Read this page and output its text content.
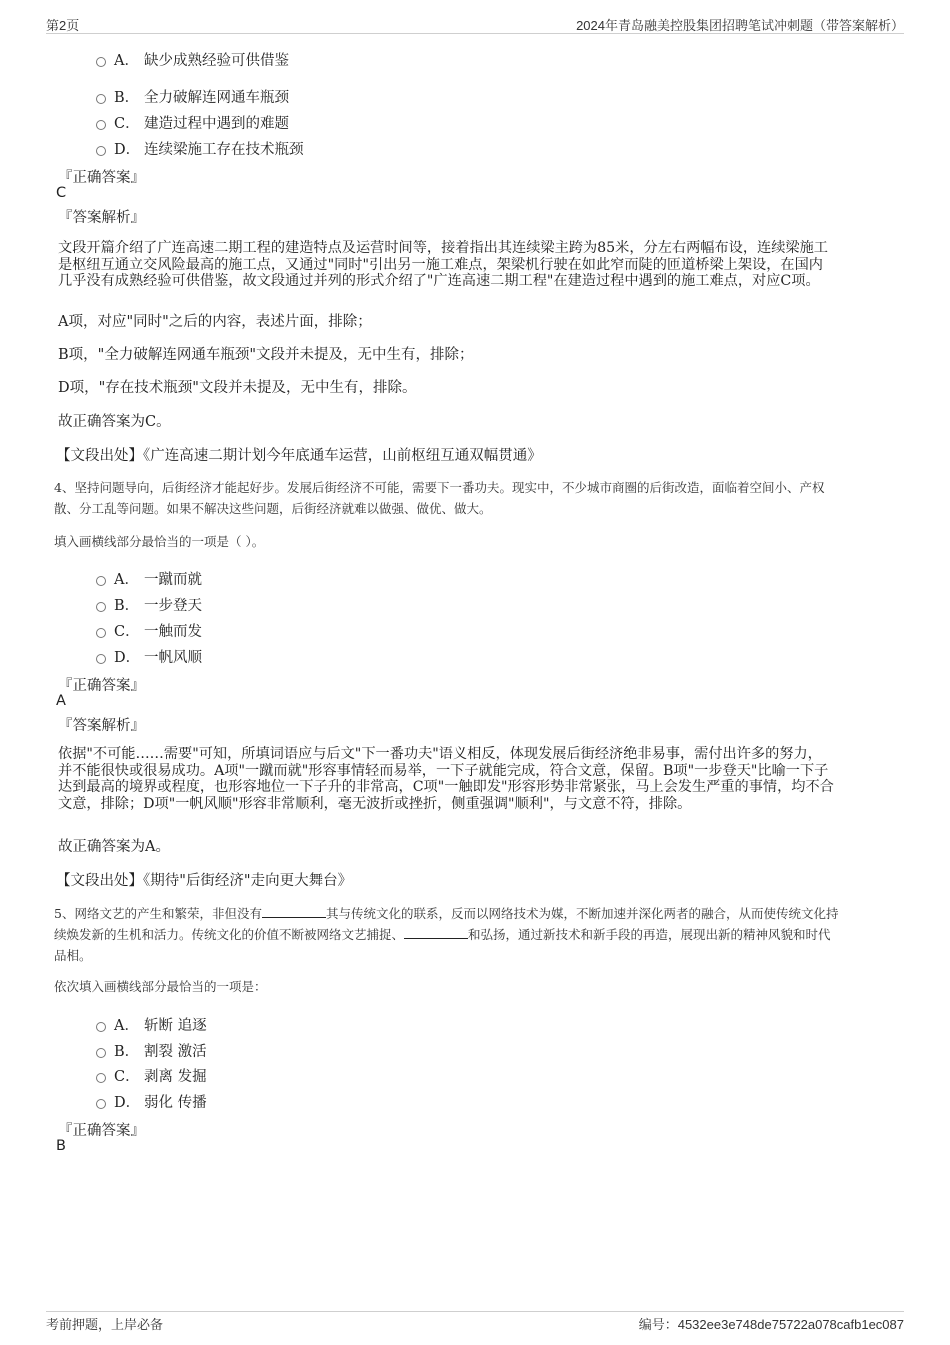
第2页	2024年青岛融美控股集团招聘笔试冲刺题（带答案解析）
A． 缺少成熟经验可供借鉴
B． 全力破解连网通车瓶颈
C． 建造过程中遇到的难题
D． 连续梁施工存在技术瓶颈
『正确答案』
C
『答案解析』
文段开篇介绍了广连高速二期工程的建造特点及运营时间等，接着指出其连续梁主跨为85米，分左右两幅布设，连续梁施工
是枢纽互通立交风险最高的施工点，又通过"同时"引出另一施工难点，架梁机行驶在如此窄而陡的匝道桥梁上架设，在国内
几乎没有成熟经验可供借鉴，故文段通过并列的形式介绍了"广连高速二期工程"在建造过程中遇到的施工难点，对应C项。
A项，对应"同时"之后的内容，表述片面，排除；
B项，"全力破解连网通车瓶颈"文段并未提及，无中生有，排除；
D项，"存在技术瓶颈"文段并未提及，无中生有，排除。
故正确答案为C。
【文段出处】《广连高速二期计划今年底通车运营，山前枢纽互通双幅贯通》
4、坚持问题导向，后街经济才能起好步。发展后街经济不可能，需要下一番功夫。现实中，不少城市商圈的后街改造，面临着空间小、产权
散、分工乱等问题。如果不解决这些问题，后街经济就难以做强、做优、做大。
填入画横线部分最恰当的一项是（ ）。
A． 一蹴而就
B． 一步登天
C． 一触而发
D． 一帆风顺
『正确答案』
A
『答案解析』
依据"不可能……需要"可知，所填词语应与后文"下一番功夫"语义相反，体现发展后街经济绝非易事，需付出许多的努力，
并不能很快或很易成功。A项"一蹴而就"形容事情轻而易举，一下子就能完成，符合文意，保留。B项"一步登天"比喻一下子
达到最高的境界或程度，也形容地位一下子升的非常高，C项"一触即发"形容形势非常紧张，马上会发生严重的事情，均不合
文意，排除；D项"一帆风顺"形容非常顺利，毫无波折或挫折，侧重强调"顺利"，与文意不符，排除。
故正确答案为A。
【文段出处】《期待"后街经济"走向更大舞台》
5、网络文艺的产生和繁荣，非但没有	其与传统文化的联系，反而以网络技术为媒，不断加速并深化两者的融合，从而使传统文化持
续焕发新的生机和活力。传统文化的价值不断被网络文艺捕捉、	和弘扬，通过新技术和新手段的再造，展现出新的精神风貌和时代
品相。
依次填入画横线部分最恰当的一项是：
A． 斩断 追逐
B． 割裂 激活
C． 剥离 发掘
D． 弱化 传播
『正确答案』
B
考前押题，上岸必备	编号：4532ee3e748de75722a078cafb1ec087
